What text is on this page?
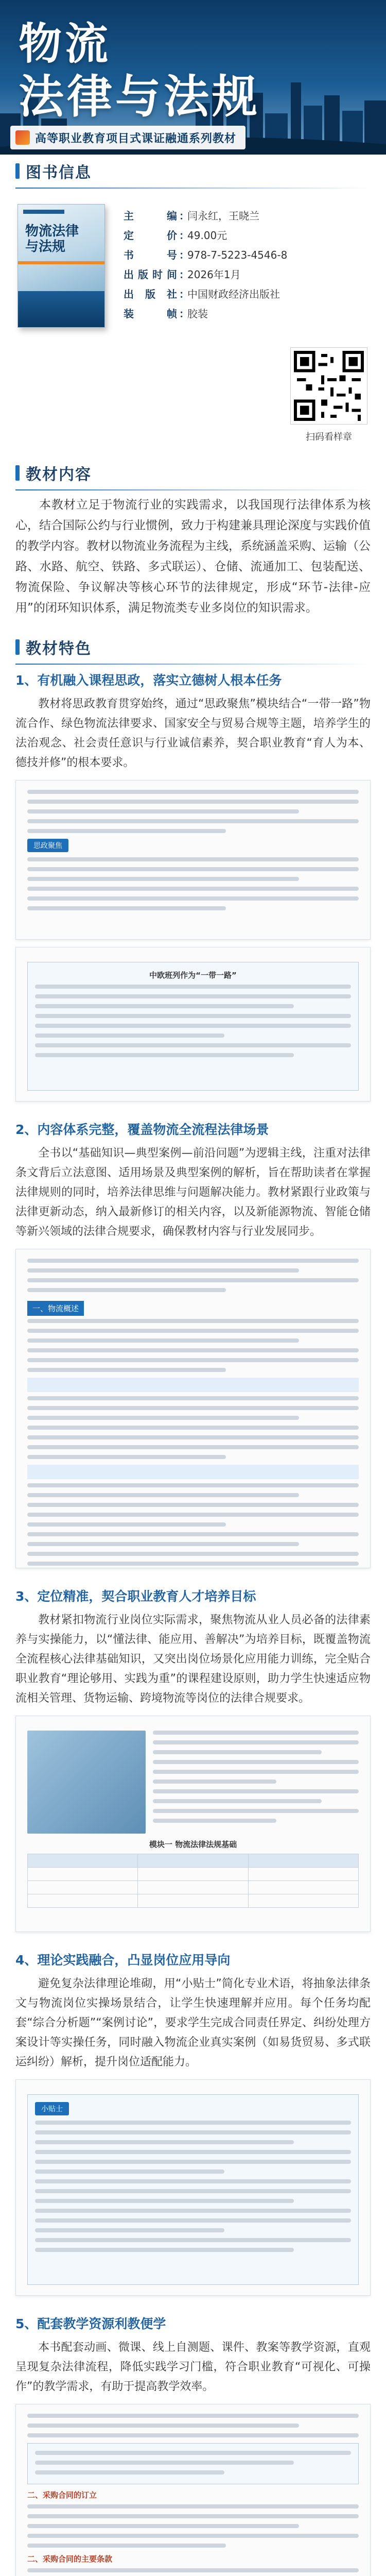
物流
法律与法规
高等职业教育项目式课证融通系列教材
图书信息
物流法律
与法规
主编 ：
闫永红，王晓兰
定价 ：
49.00元
书号 ：
978-7-5223-4546-8
出版时间 ：
2026年1月
出版社 ：
中国财政经济出版社
装帧 ：
胶装
扫码看样章
教材内容

本教材立足于物流行业的实践需求，以我国现行法律体系为核心，结合国际公约与行业惯例，致力于构建兼具理论深度与实践价值的教学内容。教材以物流业务流程为主线，系统涵盖采购、运输（公路、水路、航空、铁路、多式联运）、仓储、流通加工、包装配送、物流保险、争议解决等核心环节的法律规定，形成“环节-法律-应用”的闭环知识体系，满足物流类专业多岗位的知识需求。

教材特色
1、有机融入课程思政，落实立德树人根本任务

教材将思政教育贯穿始终，通过“思政聚焦”模块结合“一带一路”物流合作、绿色物流法律要求、国家安全与贸易合规等主题，培养学生的法治观念、社会责任意识与行业诚信素养，契合职业教育“育人为本、德技并修”的根本要求。

思政聚焦
中欧班列作为“一带一路”
2、内容体系完整，覆盖物流全流程法律场景

全书以“基础知识—典型案例—前沿问题”为逻辑主线，注重对法律条文背后立法意图、适用场景及典型案例的解析，旨在帮助读者在掌握法律规则的同时，培养法律思维与问题解决能力。教材紧跟行业政策与法律更新动态，纳入最新修订的相关内容，以及新能源物流、智能仓储等新兴领域的法律合规要求，确保教材内容与行业发展同步。

一、物流概述
3、定位精准，契合职业教育人才培养目标

教材紧扣物流行业岗位实际需求，聚焦物流从业人员必备的法律素养与实操能力，以“懂法律、能应用、善解决”为培养目标，既覆盖物流全流程核心法律基础知识，又突出岗位场景化应用能力训练，完全贴合职业教育“理论够用、实践为重”的课程建设原则，助力学生快速适应物流相关管理、货物运输、跨境物流等岗位的法律合规要求。

模块一 物流法律法规基础

4、理论实践融合，凸显岗位应用导向

避免复杂法律理论堆砌，用“小贴士”简化专业术语，将抽象法律条文与物流岗位实操场景结合，让学生快速理解并应用。每个任务均配套“综合分析题”“案例讨论”，要求学生完成合同责任界定、纠纷处理方案设计等实操任务，同时融入物流企业真实案例（如易货贸易、多式联运纠纷）解析，提升岗位适配能力。

小贴士
5、配套教学资源利教便学

本书配套动画、微课、线上自测题、课件、教案等教学资源，直观呈现复杂法律流程，降低实践学习门槛，符合职业教育“可视化、可操作”的教学需求，有助于提高教学效率。

二、采购合同的订立
二、采购合同的主要条款
